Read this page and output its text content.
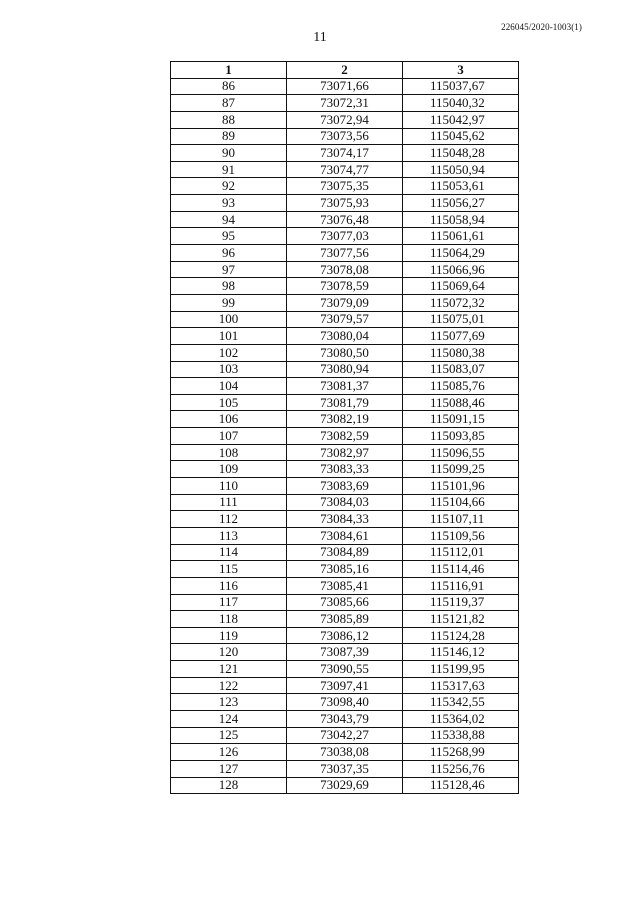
226045/2020-1003(1)
11
1	2	3
86	73071,66	115037,67
87	73072,31	115040,32
88	73072,94	115042,97
89	73073,56	115045,62
90	73074,17	115048,28
91	73074,77	115050,94
92	73075,35	115053,61
93	73075,93	115056,27
94	73076,48	115058,94
95	73077,03	115061,61
96	73077,56	115064,29
97	73078,08	115066,96
98	73078,59	115069,64
99	73079,09	115072,32
100	73079,57	115075,01
101	73080,04	115077,69
102	73080,50	115080,38
103	73080,94	115083,07
104	73081,37	115085,76
105	73081,79	115088,46
106	73082,19	115091,15
107	73082,59	115093,85
108	73082,97	115096,55
109	73083,33	115099,25
110	73083,69	115101,96
111	73084,03	115104,66
112	73084,33	115107,11
113	73084,61	115109,56
114	73084,89	115112,01
115	73085,16	115114,46
116	73085,41	115116,91
117	73085,66	115119,37
118	73085,89	115121,82
119	73086,12	115124,28
120	73087,39	115146,12
121	73090,55	115199,95
122	73097,41	115317,63
123	73098,40	115342,55
124	73043,79	115364,02
125	73042,27	115338,88
126	73038,08	115268,99
127	73037,35	115256,76
128	73029,69	115128,46
